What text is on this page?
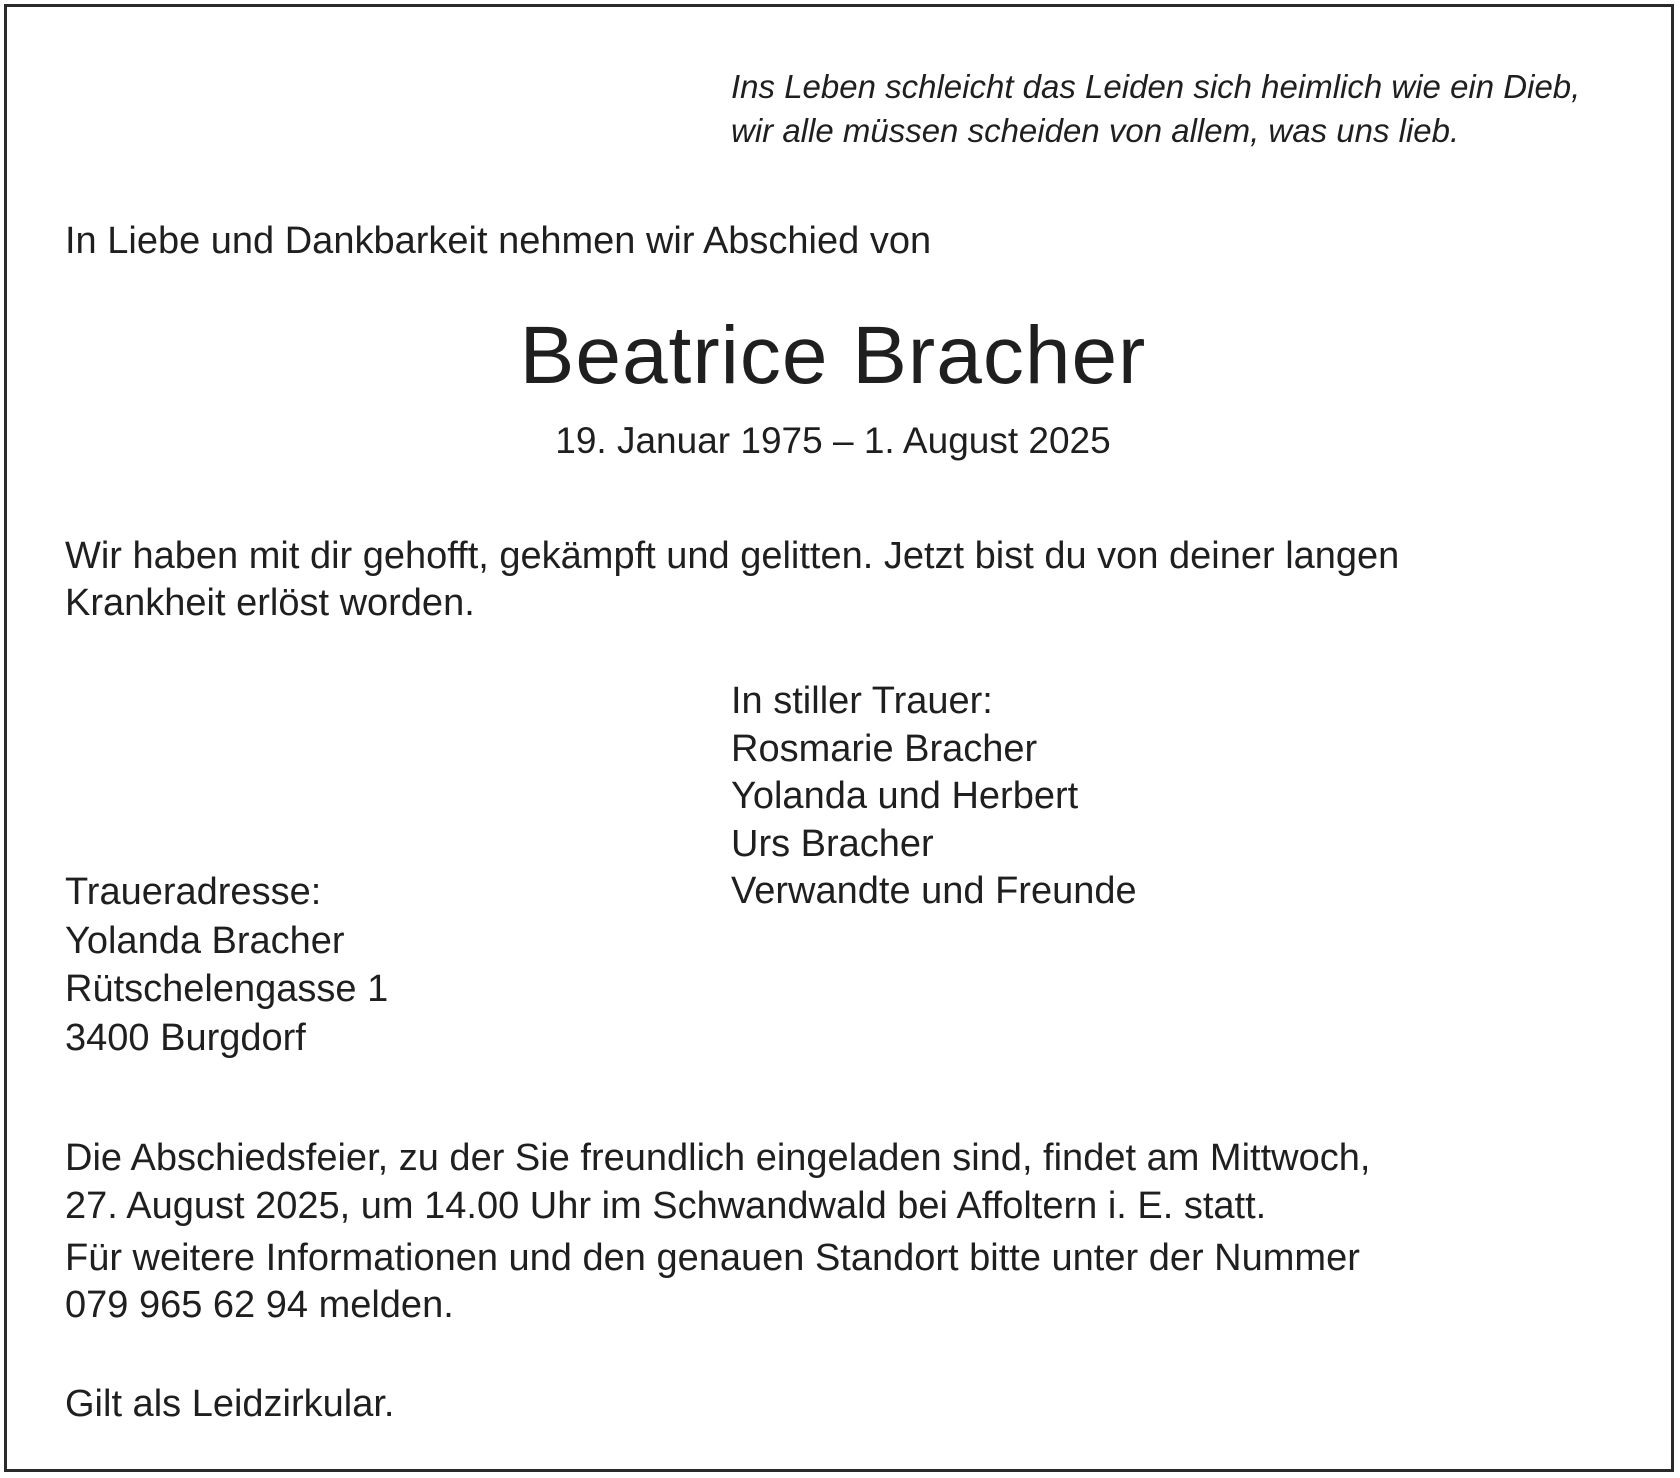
Ins Leben schleicht das Leiden sich heimlich wie ein Dieb,
wir alle müssen scheiden von allem, was uns lieb.
In Liebe und Dankbarkeit nehmen wir Abschied von
Beatrice Bracher
19. Januar 1975 – 1. August 2025
Wir haben mit dir gehofft, gekämpft und gelitten. Jetzt bist du von deiner langen
Krankheit erlöst worden.
In stiller Trauer:
Rosmarie Bracher
Yolanda und Herbert
Urs Bracher
Verwandte und Freunde
Traueradresse:
Yolanda Bracher
Rütschelengasse 1
3400 Burgdorf
Die Abschiedsfeier, zu der Sie freundlich eingeladen sind, findet am Mittwoch,
27. August 2025, um 14.00 Uhr im Schwandwald bei Affoltern i. E. statt.
Für weitere Informationen und den genauen Standort bitte unter der Nummer
079 965 62 94 melden.
Gilt als Leidzirkular.
